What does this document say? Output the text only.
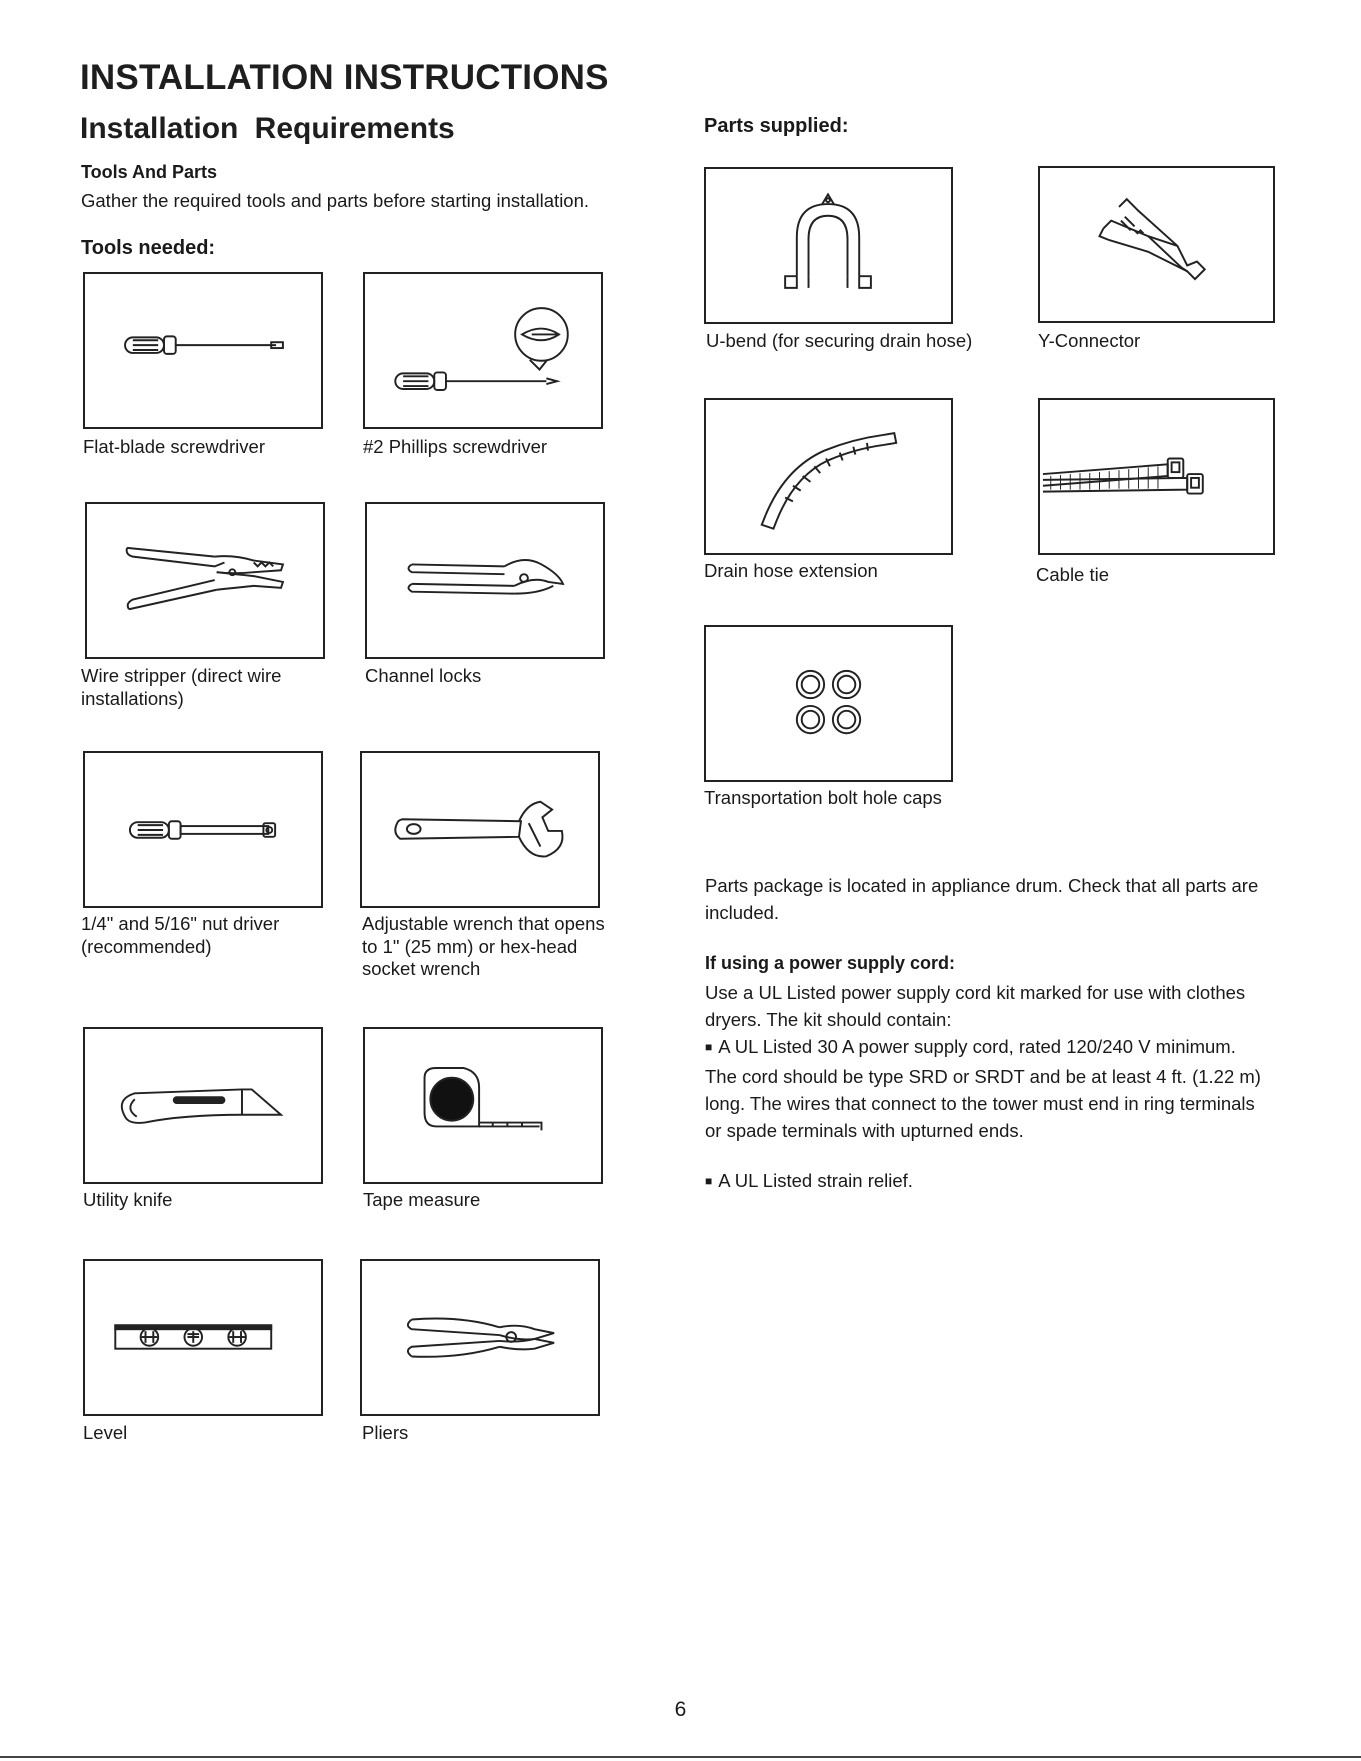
INSTALLATION INSTRUCTIONS
Installation Requirements
Tools And Parts
Gather the required tools and parts before starting installation.
Tools needed:
Parts supplied:
Flat-blade screwdriver	#2 Phillips screwdriver
Wire stripper (direct wire installations)
Channel locks
1/4" and 5/16" nut driver (recommended)
Adjustable wrench that opens to 1" (25 mm) or hex-head socket wrench
Utility knife	Tape measure
Level	Pliers
U-bend (for securing drain hose)	Y-Connector
Drain hose extension	Cable tie
Transportation bolt hole caps
Parts package is located in appliance drum. Check that all parts are included.
If using a power supply cord:
Use a UL Listed power supply cord kit marked for use with clothes dryers. The kit should contain:
■ A UL Listed 30 A power supply cord, rated 120/240 V minimum. The cord should be type SRD or SRDT and be at least 4 ft. (1.22 m) long. The wires that connect to the tower must end in ring terminals or spade terminals with upturned ends.
■ A UL Listed strain relief.
6
